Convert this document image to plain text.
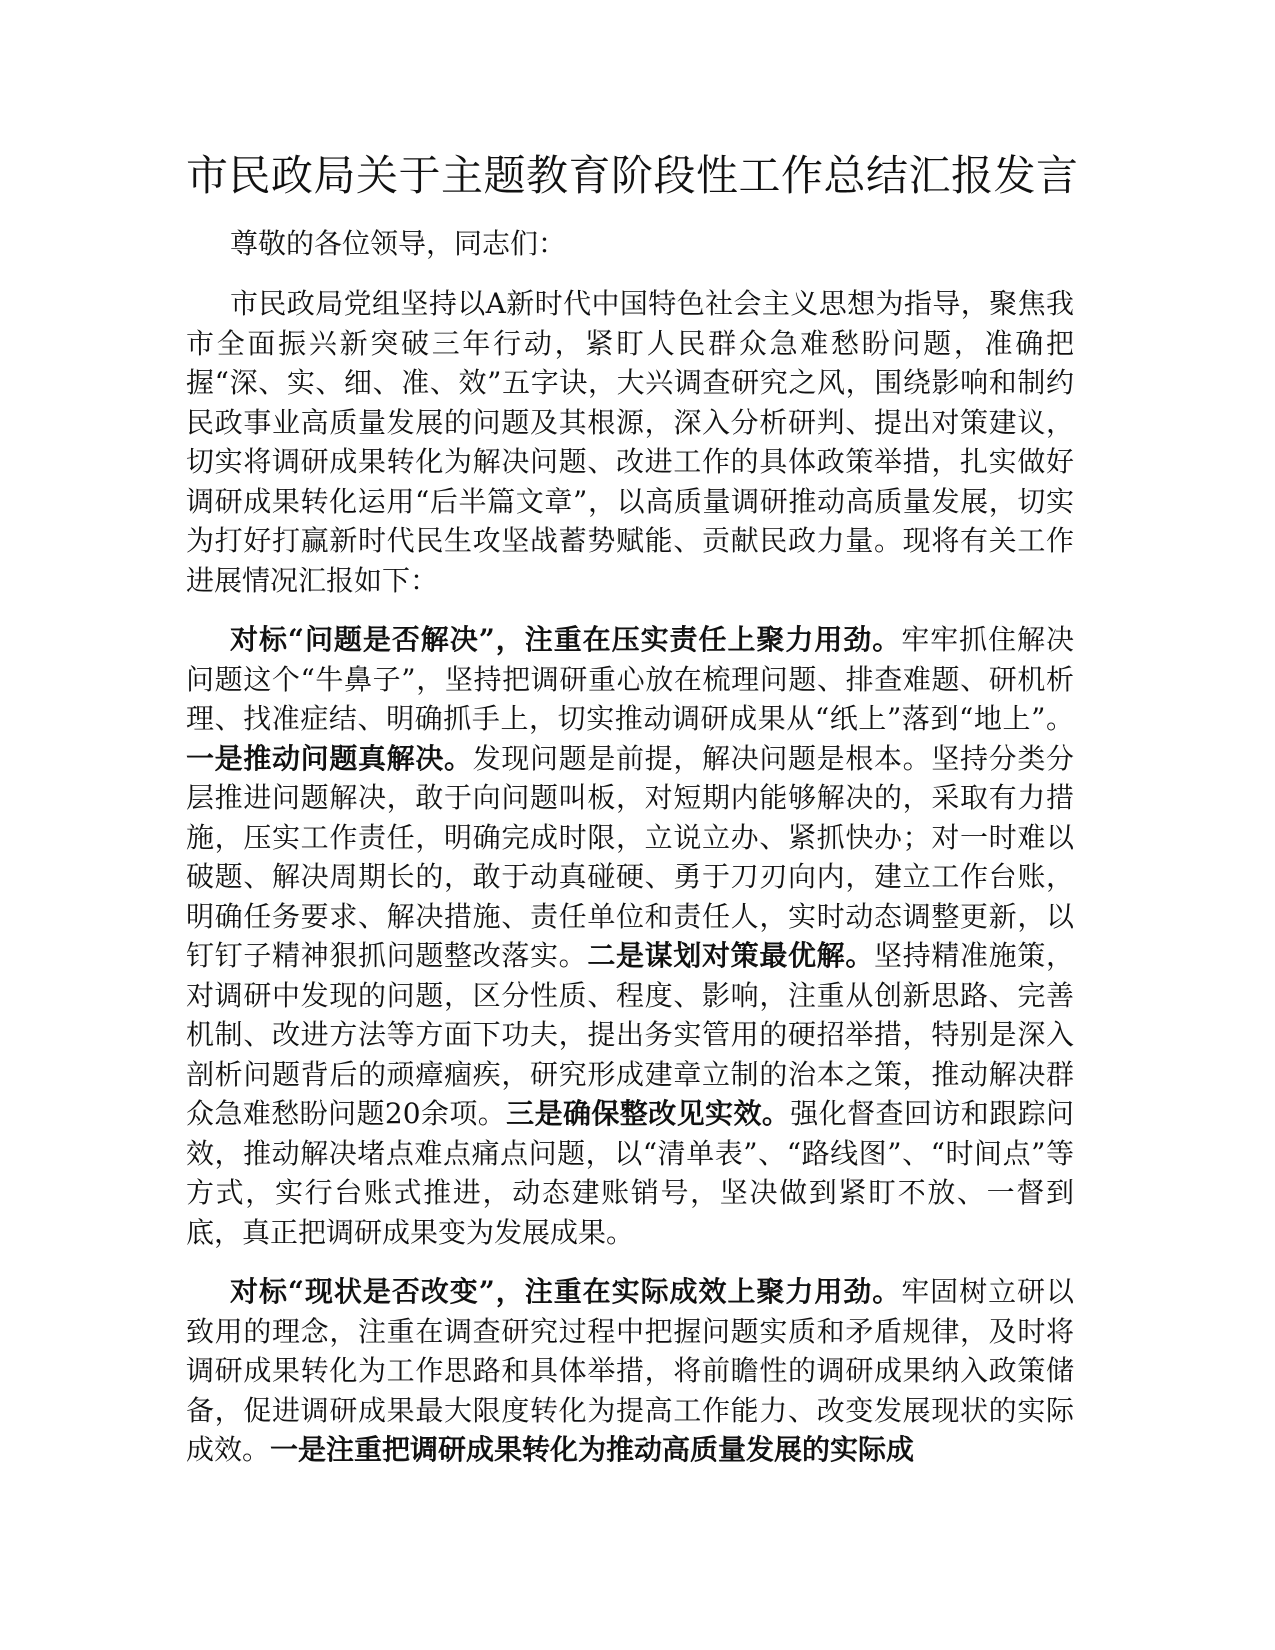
市民政局关于主题教育阶段性工作总结汇报发言

尊敬的各位领导，同志们：

市民政局党组坚持以A新时代中国特色社会主义思想为指导，聚焦我市全面振兴新突破三年行动，紧盯人民群众急难愁盼问题，准确把握“深、实、细、准、效”五字诀，大兴调查研究之风，围绕影响和制约民政事业高质量发展的问题及其根源，深入分析研判、提出对策建议，切实将调研成果转化为解决问题、改进工作的具体政策举措，扎实做好调研成果转化运用“后半篇文章”，以高质量调研推动高质量发展，切实为打好打赢新时代民生攻坚战蓄势赋能、贡献民政力量。现将有关工作进展情况汇报如下：

对标“问题是否解决”，注重在压实责任上聚力用劲。牢牢抓住解决问题这个“牛鼻子”，坚持把调研重心放在梳理问题、排查难题、研机析理、找准症结、明确抓手上，切实推动调研成果从“纸上”落到“地上”。一是推动问题真解决。发现问题是前提，解决问题是根本。坚持分类分层推进问题解决，敢于向问题叫板，对短期内能够解决的，采取有力措施，压实工作责任，明确完成时限，立说立办、紧抓快办；对一时难以破题、解决周期长的，敢于动真碰硬、勇于刀刃向内，建立工作台账，明确任务要求、解决措施、责任单位和责任人，实时动态调整更新，以钉钉子精神狠抓问题整改落实。二是谋划对策最优解。坚持精准施策，对调研中发现的问题，区分性质、程度、影响，注重从创新思路、完善机制、改进方法等方面下功夫，提出务实管用的硬招举措，特别是深入剖析问题背后的顽瘴痼疾，研究形成建章立制的治本之策，推动解决群众急难愁盼问题20余项。三是确保整改见实效。强化督查回访和跟踪问效，推动解决堵点难点痛点问题，以“清单表”、“路线图”、“时间点”等方式，实行台账式推进，动态建账销号，坚决做到紧盯不放、一督到底，真正把调研成果变为发展成果。

对标“现状是否改变”，注重在实际成效上聚力用劲。牢固树立研以致用的理念，注重在调查研究过程中把握问题实质和矛盾规律，及时将调研成果转化为工作思路和具体举措，将前瞻性的调研成果纳入政策储备，促进调研成果最大限度转化为提高工作能力、改变发展现状的实际成效。一是注重把调研成果转化为推动高质量发展的实际成
